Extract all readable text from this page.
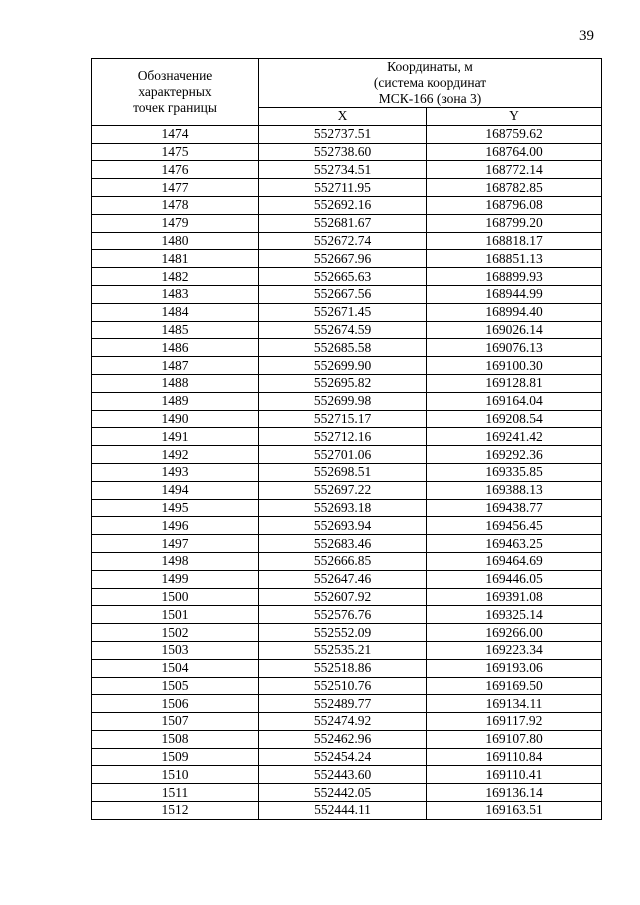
39
Обозначение
характерных
точек границы	Координаты, м
(система координат
МСК-166 (зона 3)	

	X	Y
1474	552737.51	168759.62
1475	552738.60	168764.00
1476	552734.51	168772.14
1477	552711.95	168782.85
1478	552692.16	168796.08
1479	552681.67	168799.20
1480	552672.74	168818.17
1481	552667.96	168851.13
1482	552665.63	168899.93
1483	552667.56	168944.99
1484	552671.45	168994.40
1485	552674.59	169026.14
1486	552685.58	169076.13
1487	552699.90	169100.30
1488	552695.82	169128.81
1489	552699.98	169164.04
1490	552715.17	169208.54
1491	552712.16	169241.42
1492	552701.06	169292.36
1493	552698.51	169335.85
1494	552697.22	169388.13
1495	552693.18	169438.77
1496	552693.94	169456.45
1497	552683.46	169463.25
1498	552666.85	169464.69
1499	552647.46	169446.05
1500	552607.92	169391.08
1501	552576.76	169325.14
1502	552552.09	169266.00
1503	552535.21	169223.34
1504	552518.86	169193.06
1505	552510.76	169169.50
1506	552489.77	169134.11
1507	552474.92	169117.92
1508	552462.96	169107.80
1509	552454.24	169110.84
1510	552443.60	169110.41
1511	552442.05	169136.14
1512	552444.11	169163.51
